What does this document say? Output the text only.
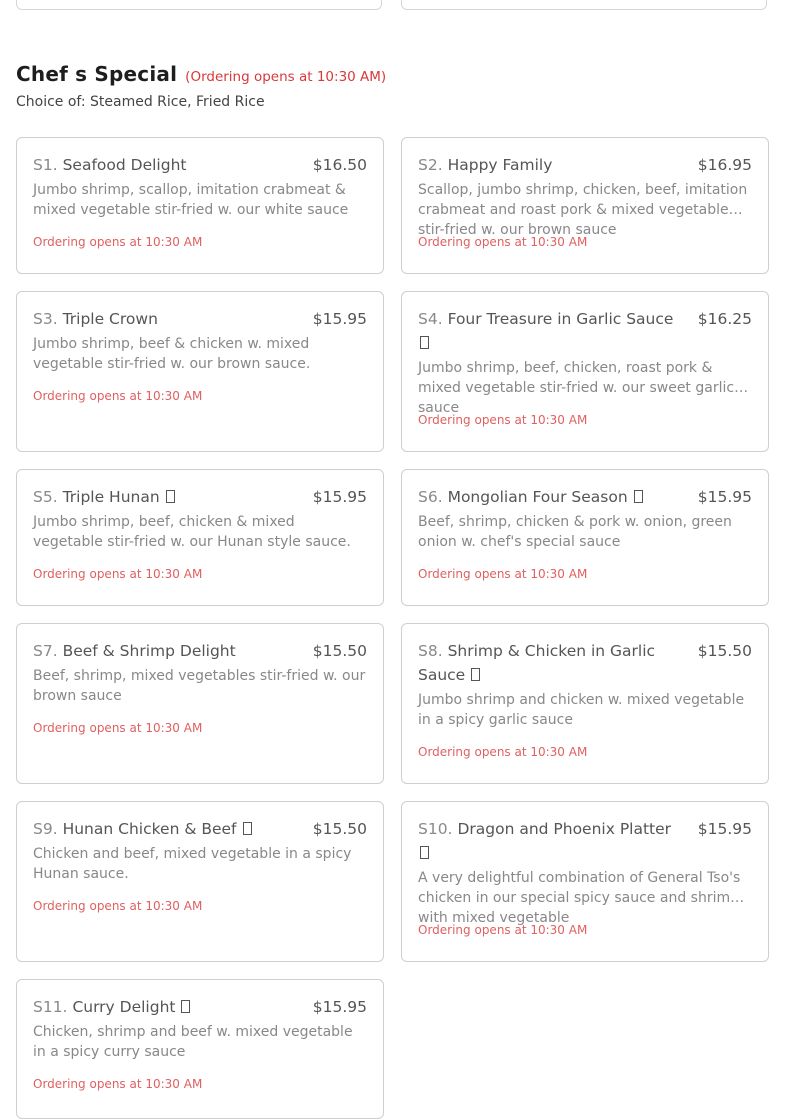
Chef s Special (Ordering opens at 10:30 AM)
Choice of: Steamed Rice, Fried Rice
S1. Seafood Delight	$16.50
Jumbo shrimp, scallop, imitation crabmeat & mixed vegetable stir-fried w. our white sauce
Ordering opens at 10:30 AM
S2. Happy Family	$16.95
Scallop, jumbo shrimp, chicken, beef, imitation crabmeat and roast pork & mixed vegetable stir-fried w. our brown sauce
Ordering opens at 10:30 AM
S3. Triple Crown	$15.95
Jumbo shrimp, beef & chicken w. mixed vegetable stir-fried w. our brown sauce.
Ordering opens at 10:30 AM
S4. Four Treasure in Garlic Sauce $16.25
Jumbo shrimp, beef, chicken, roast pork & mixed vegetable stir-fried w. our sweet garlic sauce
Ordering opens at 10:30 AM
S5. Triple Hunan	$15.95
Jumbo shrimp, beef, chicken & mixed vegetable stir-fried w. our Hunan style sauce.
Ordering opens at 10:30 AM
S6. Mongolian Four Season	$15.95
Beef, shrimp, chicken & pork w. onion, green onion w. chef's special sauce
Ordering opens at 10:30 AM
S7. Beef & Shrimp Delight	$15.50
Beef, shrimp, mixed vegetables stir-fried w. our brown sauce
Ordering opens at 10:30 AM
S8. Shrimp & Chicken in Garlic Sauce
$15.50
Jumbo shrimp and chicken w. mixed vegetable in a spicy garlic sauce
Ordering opens at 10:30 AM
S9. Hunan Chicken & Beef	$15.50
Chicken and beef, mixed vegetable in a spicy Hunan sauce.
Ordering opens at 10:30 AM
S10. Dragon and Phoenix Platter $15.95
A very delightful combination of General Tso's chicken in our special spicy sauce and shrimp with mixed vegetable
Ordering opens at 10:30 AM
S11. Curry Delight	$15.95
Chicken, shrimp and beef w. mixed vegetable in a spicy curry sauce
Ordering opens at 10:30 AM
